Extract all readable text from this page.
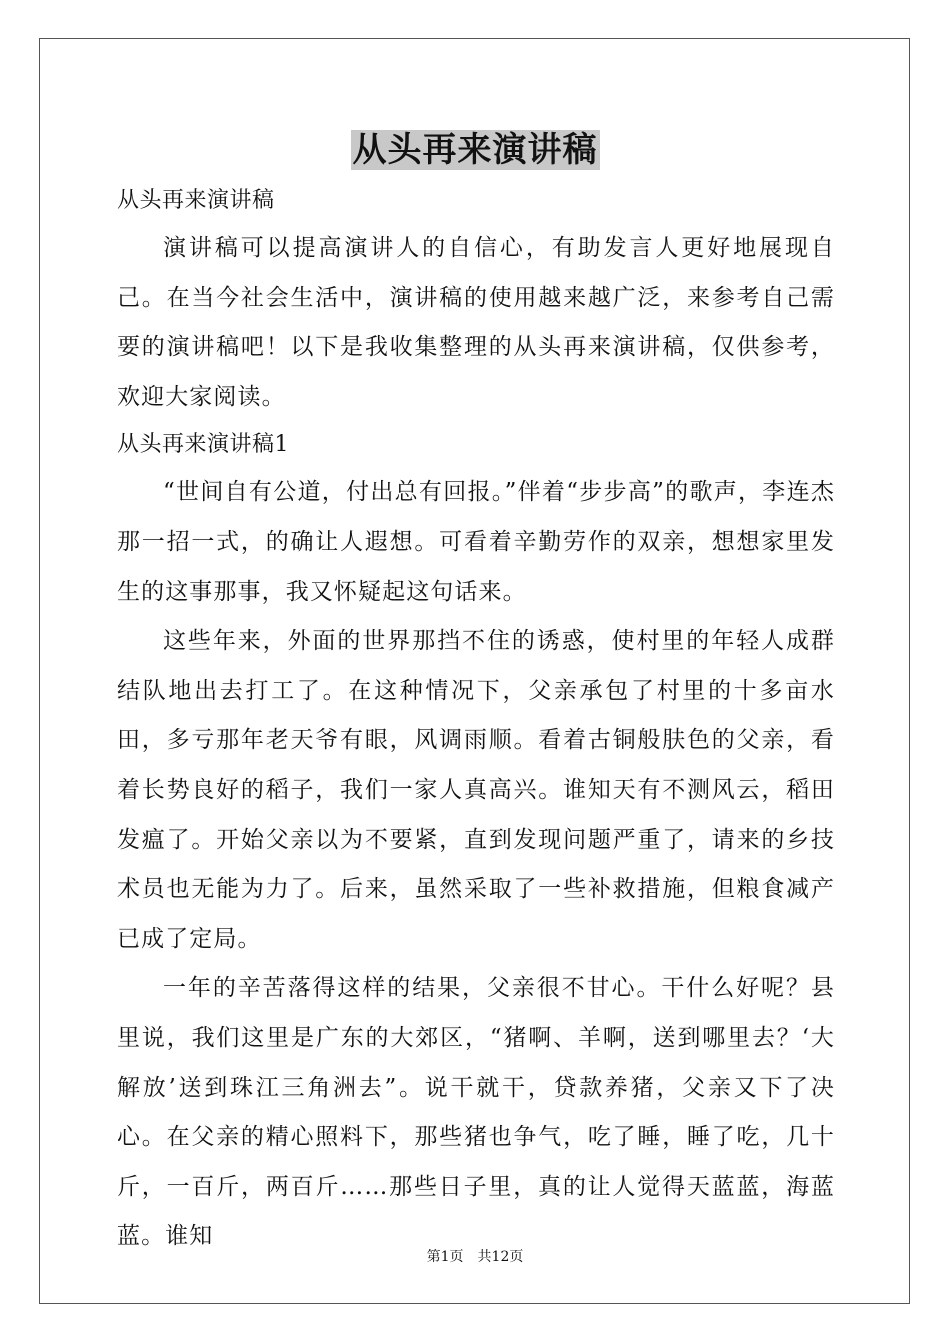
从头再来演讲稿

从头再来演讲稿

演讲稿可以提高演讲人的自信心，有助发言人更好地展现自己。在当今社会生活中，演讲稿的使用越来越广泛，来参考自己需要的演讲稿吧！以下是我收集整理的从头再来演讲稿，仅供参考，欢迎大家阅读。

从头再来演讲稿1

“世间自有公道，付出总有回报。”伴着“步步高”的歌声，李连杰那一招一式，的确让人遐想。可看着辛勤劳作的双亲，想想家里发生的这事那事，我又怀疑起这句话来。

这些年来，外面的世界那挡不住的诱惑，使村里的年轻人成群结队地出去打工了。在这种情况下，父亲承包了村里的十多亩水田，多亏那年老天爷有眼，风调雨顺。看着古铜般肤色的父亲，看着长势良好的稻子，我们一家人真高兴。谁知天有不测风云，稻田发瘟了。开始父亲以为不要紧，直到发现问题严重了，请来的乡技术员也无能为力了。后来，虽然采取了一些补救措施，但粮食减产已成了定局。

一年的辛苦落得这样的结果，父亲很不甘心。干什么好呢？县里说，我们这里是广东的大郊区，“猪啊、羊啊，送到哪里去？‘大解放’送到珠江三角洲去”。说干就干，贷款养猪，父亲又下了决心。在父亲的精心照料下，那些猪也争气，吃了睡，睡了吃，几十斤，一百斤，两百斤……那些日子里，真的让人觉得天蓝蓝，海蓝蓝。谁知

第1页 共12页
